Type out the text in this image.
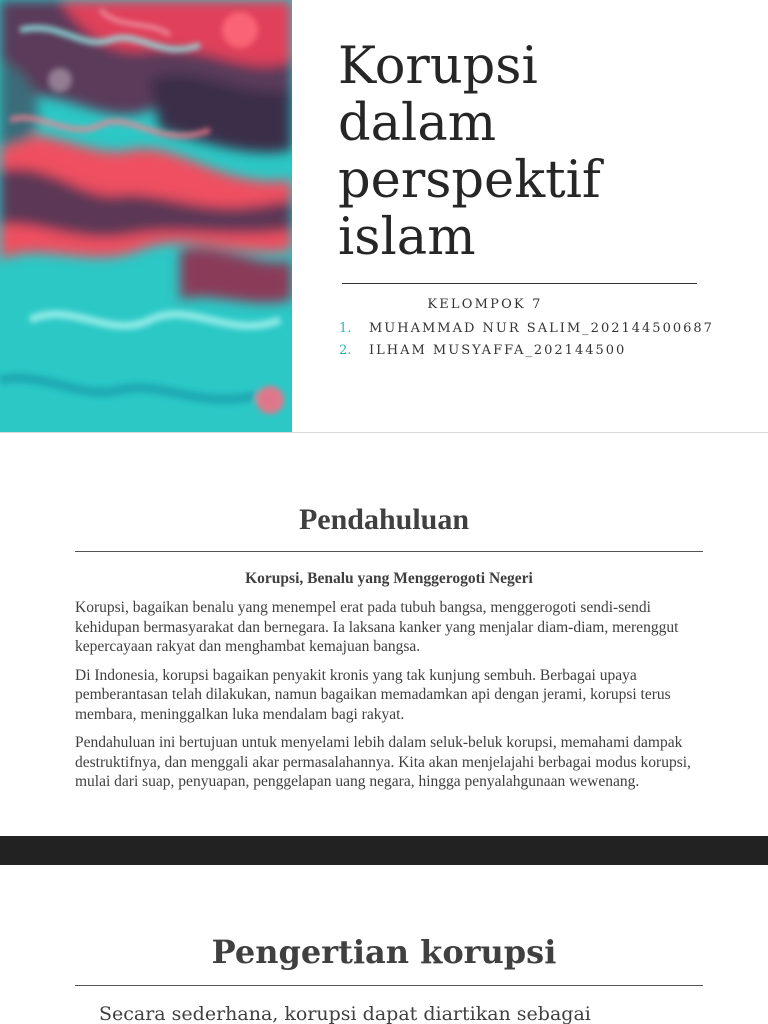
Korupsi
dalam
perspektif
islam
KELOMPOK 7
1. MUHAMMAD NUR SALIM_202144500687
2. ILHAM MUSYAFFA_202144500
Pendahuluan

Korupsi, Benalu yang Menggerogoti Negeri

Korupsi, bagaikan benalu yang menempel erat pada tubuh bangsa, menggerogoti sendi-sendi kehidupan bermasyarakat dan bernegara. Ia laksana kanker yang menjalar diam-diam, merenggut kepercayaan rakyat dan menghambat kemajuan bangsa.

Di Indonesia, korupsi bagaikan penyakit kronis yang tak kunjung sembuh. Berbagai upaya pemberantasan telah dilakukan, namun bagaikan memadamkan api dengan jerami, korupsi terus membara, meninggalkan luka mendalam bagi rakyat.

Pendahuluan ini bertujuan untuk menyelami lebih dalam seluk-beluk korupsi, memahami dampak destruktifnya, dan menggali akar permasalahannya. Kita akan menjelajahi berbagai modus korupsi, mulai dari suap, penyuapan, penggelapan uang negara, hingga penyalahgunaan wewenang.

Pengertian korupsi

Secara sederhana, korupsi dapat diartikan sebagai
